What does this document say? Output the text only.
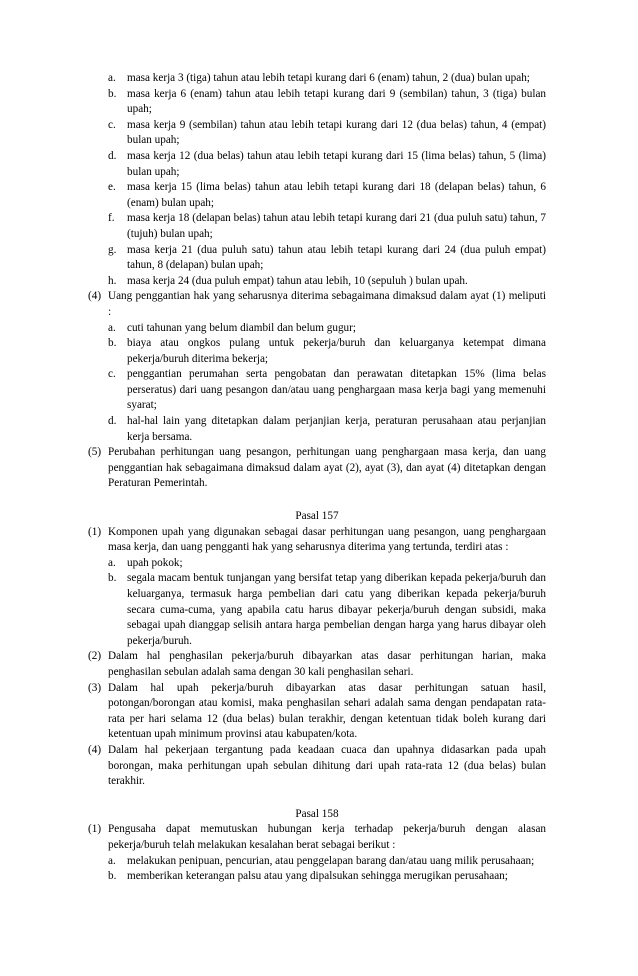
a. masa kerja 3 (tiga) tahun atau lebih tetapi kurang dari 6 (enam) tahun, 2 (dua) bulan upah;
b. masa kerja 6 (enam) tahun atau lebih tetapi kurang dari 9 (sembilan) tahun, 3 (tiga) bulan upah;
c. masa kerja 9 (sembilan) tahun atau lebih tetapi kurang dari 12 (dua belas) tahun, 4 (empat) bulan upah;
d. masa kerja 12 (dua belas) tahun atau lebih tetapi kurang dari 15 (lima belas) tahun, 5 (lima) bulan upah;
e. masa kerja 15 (lima belas) tahun atau lebih tetapi kurang dari 18 (delapan belas) tahun, 6 (enam) bulan upah;
f. masa kerja 18 (delapan belas) tahun atau lebih tetapi kurang dari 21 (dua puluh satu) tahun, 7 (tujuh) bulan upah;
g. masa kerja 21 (dua puluh satu) tahun atau lebih tetapi kurang dari 24 (dua puluh empat) tahun, 8 (delapan) bulan upah;
h. masa kerja 24 (dua puluh empat) tahun atau lebih, 10 (sepuluh ) bulan upah.
(4) Uang penggantian hak yang seharusnya diterima sebagaimana dimaksud dalam ayat (1) meliputi :
a. cuti tahunan yang belum diambil dan belum gugur;
b. biaya atau ongkos pulang untuk pekerja/buruh dan keluarganya ketempat dimana pekerja/buruh diterima bekerja;
c. penggantian perumahan serta pengobatan dan perawatan ditetapkan 15% (lima belas perseratus) dari uang pesangon dan/atau uang penghargaan masa kerja bagi yang memenuhi syarat;
d. hal-hal lain yang ditetapkan dalam perjanjian kerja, peraturan perusahaan atau perjanjian kerja bersama.
(5) Perubahan perhitungan uang pesangon, perhitungan uang penghargaan masa kerja, dan uang penggantian hak sebagaimana dimaksud dalam ayat (2), ayat (3), dan ayat (4) ditetapkan dengan Peraturan Pemerintah.
Pasal 157
(1) Komponen upah yang digunakan sebagai dasar perhitungan uang pesangon, uang penghargaan masa kerja, dan uang pengganti hak yang seharusnya diterima yang tertunda, terdiri atas :
a. upah pokok;
b. segala macam bentuk tunjangan yang bersifat tetap yang diberikan kepada pekerja/buruh dan keluarganya, termasuk harga pembelian dari catu yang diberikan kepada pekerja/buruh secara cuma-cuma, yang apabila catu harus dibayar pekerja/buruh dengan subsidi, maka sebagai upah dianggap selisih antara harga pembelian dengan harga yang harus dibayar oleh pekerja/buruh.
(2) Dalam hal penghasilan pekerja/buruh dibayarkan atas dasar perhitungan harian, maka penghasilan sebulan adalah sama dengan 30 kali penghasilan sehari.
(3) Dalam hal upah pekerja/buruh dibayarkan atas dasar perhitungan satuan hasil, potongan/borongan atau komisi, maka penghasilan sehari adalah sama dengan pendapatan rata-rata per hari selama 12 (dua belas) bulan terakhir, dengan ketentuan tidak boleh kurang dari ketentuan upah minimum provinsi atau kabupaten/kota.
(4) Dalam hal pekerjaan tergantung pada keadaan cuaca dan upahnya didasarkan pada upah borongan, maka perhitungan upah sebulan dihitung dari upah rata-rata 12 (dua belas) bulan terakhir.
Pasal 158
(1) Pengusaha dapat memutuskan hubungan kerja terhadap pekerja/buruh dengan alasan pekerja/buruh telah melakukan kesalahan berat sebagai berikut :
a. melakukan penipuan, pencurian, atau penggelapan barang dan/atau uang milik perusahaan;
b. memberikan keterangan palsu atau yang dipalsukan sehingga merugikan perusahaan;
